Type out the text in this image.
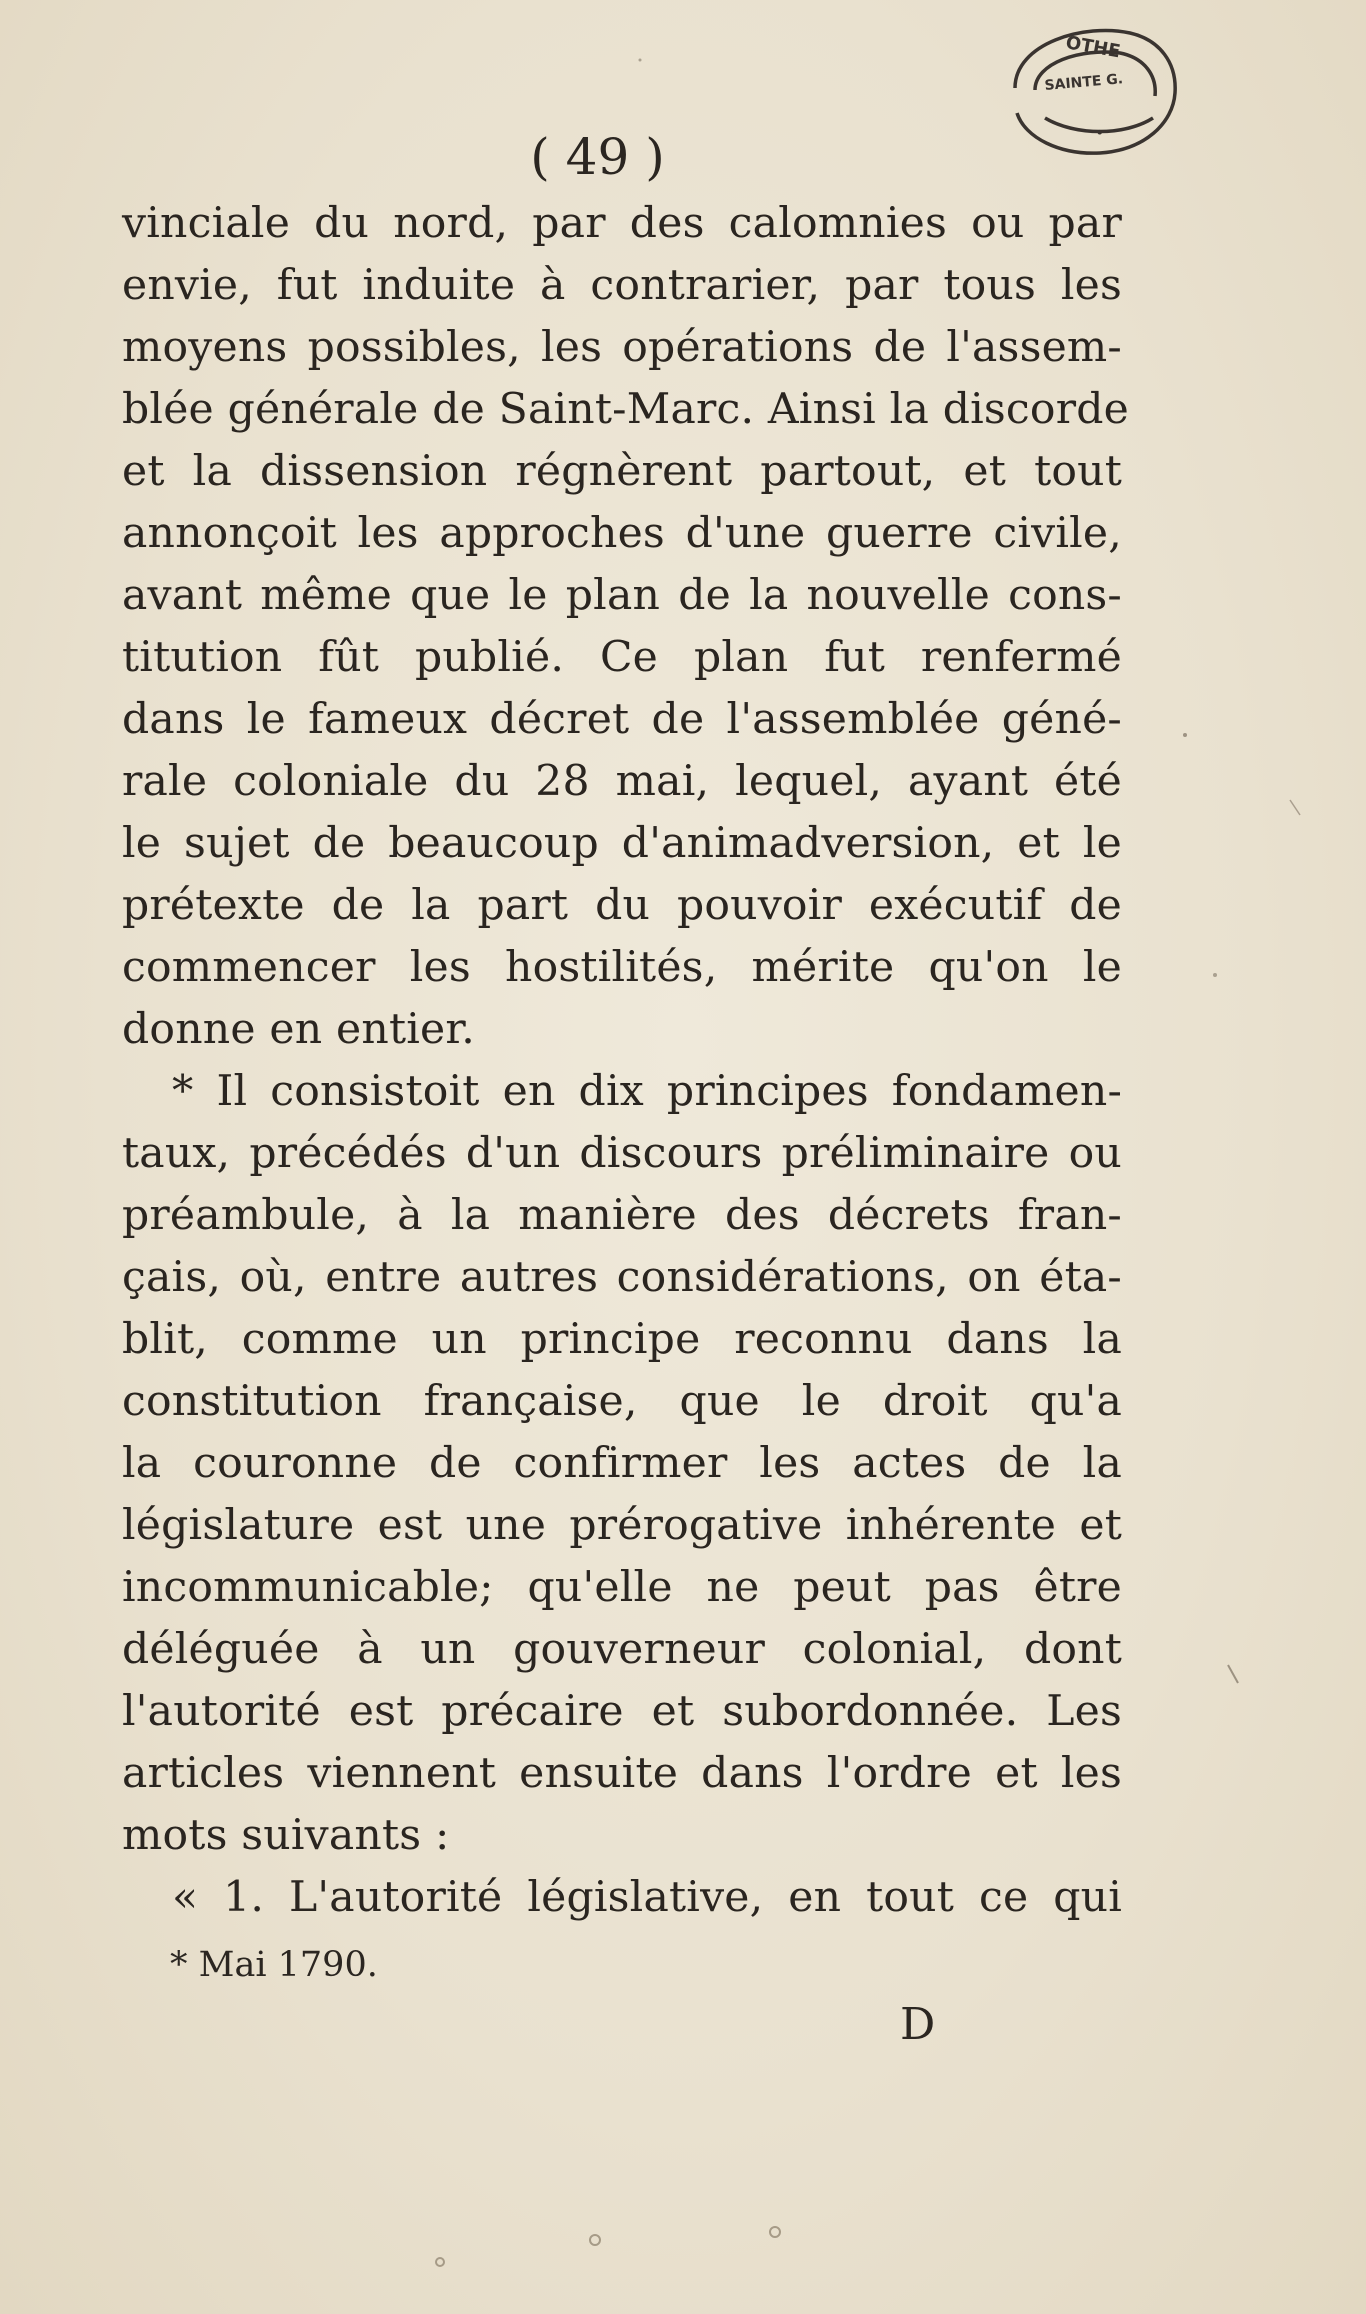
SAINTE G.
OTHE
•
( 49 )
vinciale du nord, par des calomnies ou par
envie, fut induite à contrarier, par tous les
moyens possibles, les opérations de l'assem-
blée générale de Saint-Marc. Ainsi la discorde
et la dissension régnèrent partout, et tout
annonçoit les approches d'une guerre civile,
avant même que le plan de la nouvelle cons-
titution fût publié. Ce plan fut renfermé
dans le fameux décret de l'assemblée géné-
rale coloniale du 28 mai, lequel, ayant été
le sujet de beaucoup d'animadversion, et le
prétexte de la part du pouvoir exécutif de
commencer les hostilités, mérite qu'on le
donne en entier.
* Il consistoit en dix principes fondamen-
taux, précédés d'un discours préliminaire ou
préambule, à la manière des décrets fran-
çais, où, entre autres considérations, on éta-
blit, comme un principe reconnu dans la
constitution française, que le droit qu'a
la couronne de confirmer les actes de la
législature est une prérogative inhérente et
incommunicable; qu'elle ne peut pas être
déléguée à un gouverneur colonial, dont
l'autorité est précaire et subordonnée. Les
articles viennent ensuite dans l'ordre et les
mots suivants :
« 1. L'autorité législative, en tout ce qui
* Mai 1790.
D
